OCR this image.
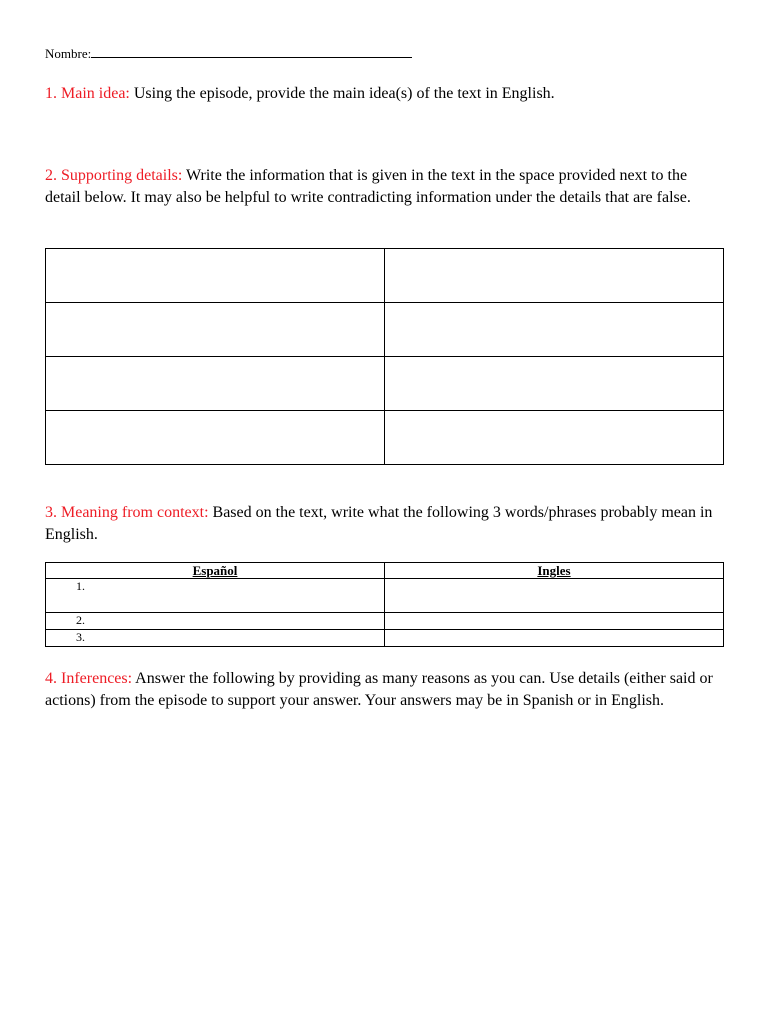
Nombre:
1. Main idea: Using the episode, provide the main idea(s) of the text in English.
2. Supporting details: Write the information that is given in the text in the space provided next to the detail below. It may also be helpful to write contradicting information under the details that are false.

3. Meaning from context: Based on the text, write what the following 3 words/phrases probably mean in English.
Español	Ingles
1.	
2.	
3.	
4. Inferences: Answer the following by providing as many reasons as you can. Use details (either said or actions) from the episode to support your answer. Your answers may be in Spanish or in English.
